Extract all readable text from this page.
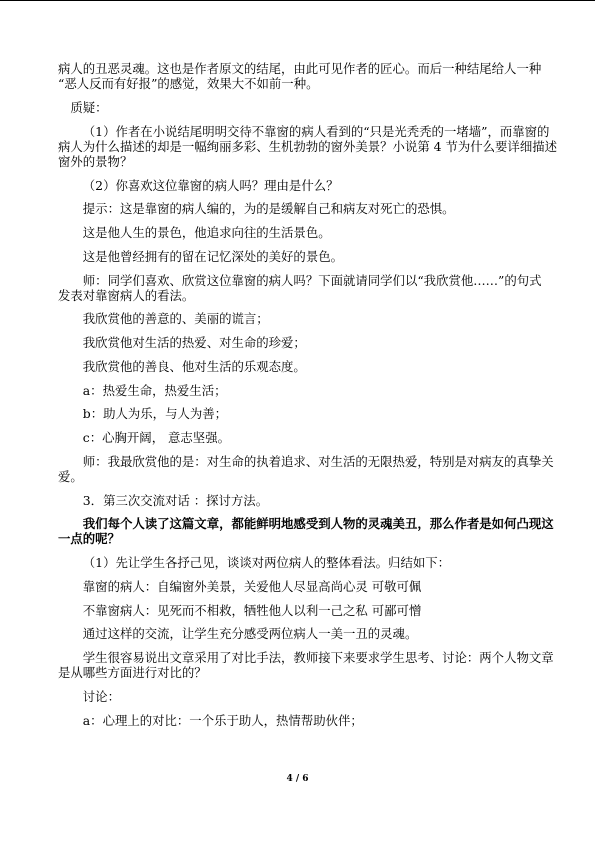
病人的丑恶灵魂。这也是作者原文的结尾，由此可见作者的匠心。而后一种结尾给人一种
“恶人反而有好报”的感觉，效果大不如前一种。

质疑：

（1）作者在小说结尾明明交待不靠窗的病人看到的“只是光秃秃的一堵墙”，而靠窗的
病人为什么描述的却是一幅绚丽多彩、生机勃勃的窗外美景？小说第 4 节为什么要详细描述
窗外的景物？

（2）你喜欢这位靠窗的病人吗？理由是什么？

提示：这是靠窗的病人编的，为的是缓解自己和病友对死亡的恐惧。

这是他人生的景色，他追求向往的生活景色。

这是他曾经拥有的留在记忆深处的美好的景色。

师：同学们喜欢、欣赏这位靠窗的病人吗？下面就请同学们以“我欣赏他……”的句式
发表对靠窗病人的看法。

我欣赏他的善意的、美丽的谎言；

我欣赏他对生活的热爱、对生命的珍爱；

我欣赏他的善良、他对生活的乐观态度。

a：热爱生命，热爱生活；

b：助人为乐，与人为善；

c：心胸开阔， 意志坚强。

师：我最欣赏他的是：对生命的执着追求、对生活的无限热爱，特别是对病友的真挚关
爱。

3．第三次交流对话 ：探讨方法。

我们每个人读了这篇文章，都能鲜明地感受到人物的灵魂美丑，那么作者是如何凸现这
一点的呢？

（1）先让学生各抒己见，谈谈对两位病人的整体看法。归结如下：

靠窗的病人：自编窗外美景，关爱他人尽显高尚心灵 可敬可佩

不靠窗病人：见死而不相救，牺牲他人以利一己之私 可鄙可憎

通过这样的交流，让学生充分感受两位病人一美一丑的灵魂。

学生很容易说出文章采用了对比手法，教师接下来要求学生思考、讨论：两个人物文章
是从哪些方面进行对比的？

讨论：

a：心理上的对比：一个乐于助人，热情帮助伙伴；

4 / 6
